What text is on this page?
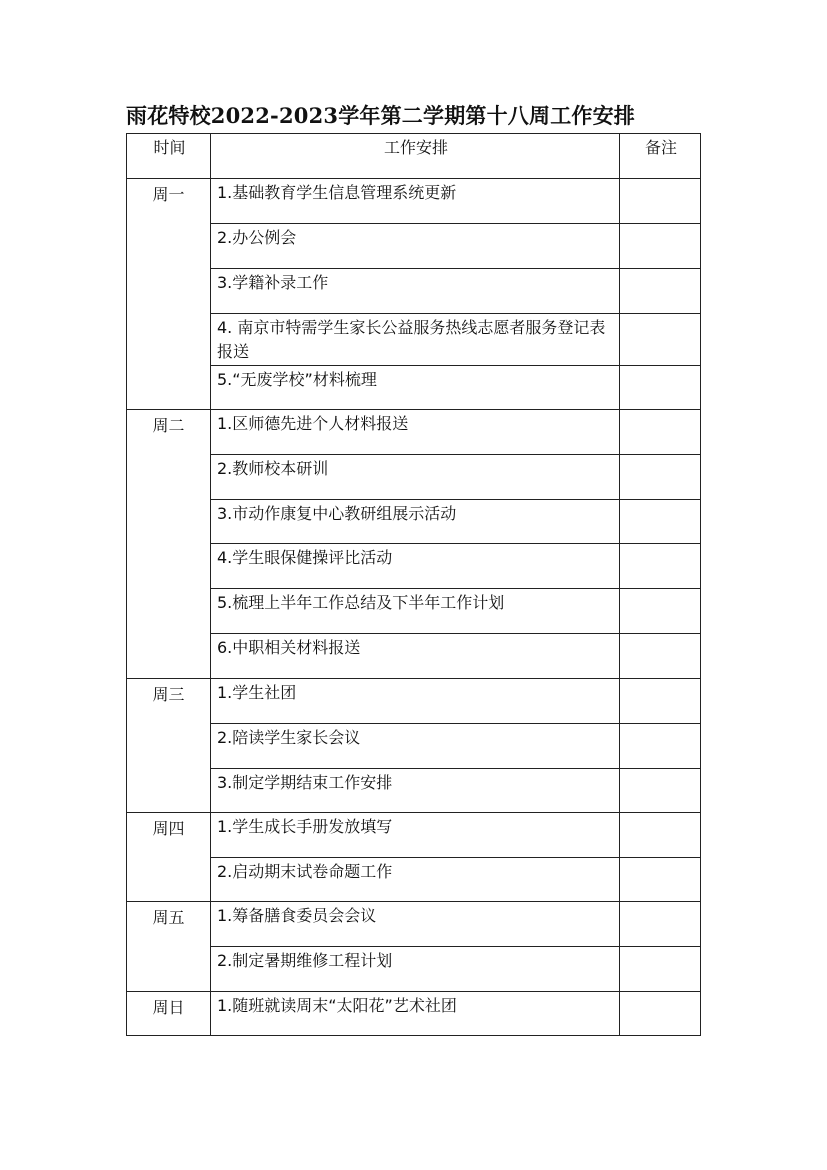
雨花特校2022-2023学年第二学期第十八周工作安排
时间	工作安排	备注
周一	1.基础教育学生信息管理系统更新	
	2.办公例会	
	3.学籍补录工作	
	4. 南京市特需学生家长公益服务热线志愿者服务登记表报送	
	5.“无废学校”材料梳理	
周二	1.区师德先进个人材料报送	
	2.教师校本研训	
	3.市动作康复中心教研组展示活动	
	4.学生眼保健操评比活动	
	5.梳理上半年工作总结及下半年工作计划	
	6.中职相关材料报送	
周三	1.学生社团	
	2.陪读学生家长会议	
	3.制定学期结束工作安排	
周四	1.学生成长手册发放填写	
	2.启动期末试卷命题工作	
周五	1.筹备膳食委员会会议	
	2.制定暑期维修工程计划	
周日	1.随班就读周末“太阳花”艺术社团	
